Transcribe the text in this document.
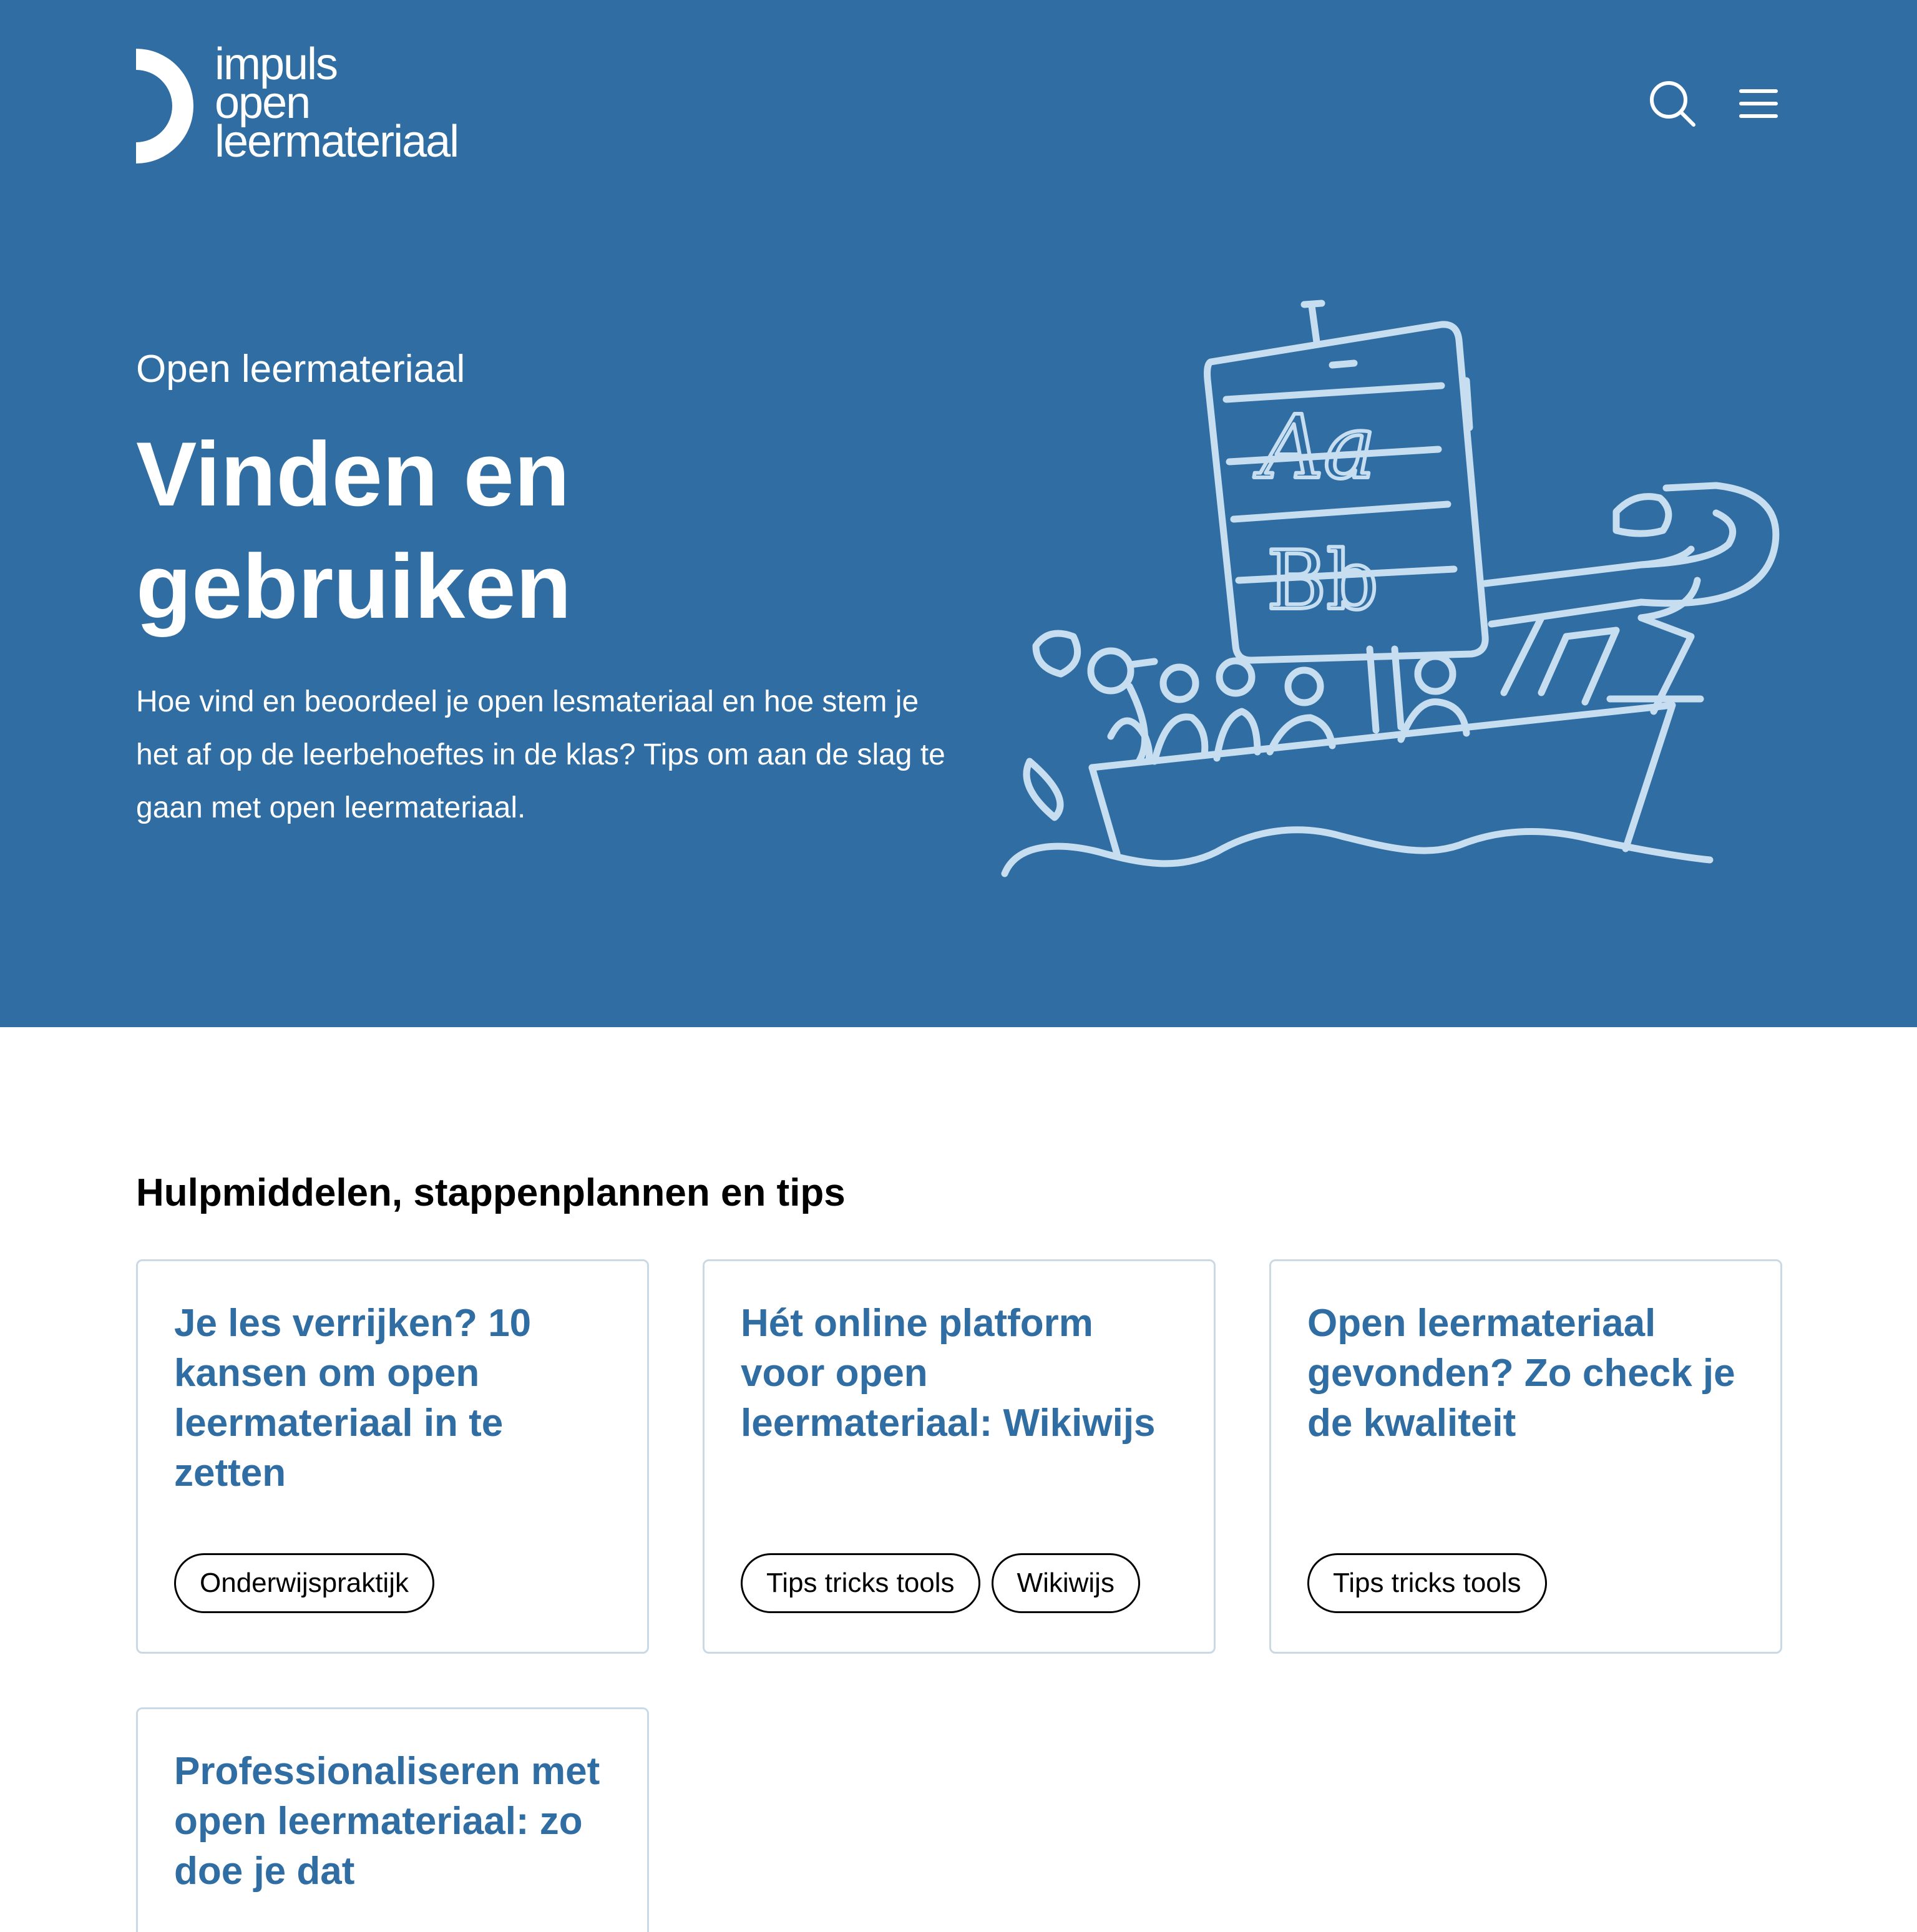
impuls
open
leermateriaal
Open leermateriaal
Vinden en gebruiken

Hoe vind en beoordeel je open lesmateriaal en hoe stem je het af op de leerbehoeftes in de klas? Tips om aan de slag te gaan met open leermateriaal.

Aa
Bb
Hulpmiddelen, stappenplannen en tips
Je les verrijken? 10 kansen om open leermateriaal in te zetten
Onderwijspraktijk
Hét online platform voor open leermateriaal: Wikiwijs
Tips tricks tools	Wikiwijs
Open leermateriaal gevonden? Zo check je de kwaliteit
Tips tricks tools
Professionaliseren met open leermateriaal: zo doe je dat
